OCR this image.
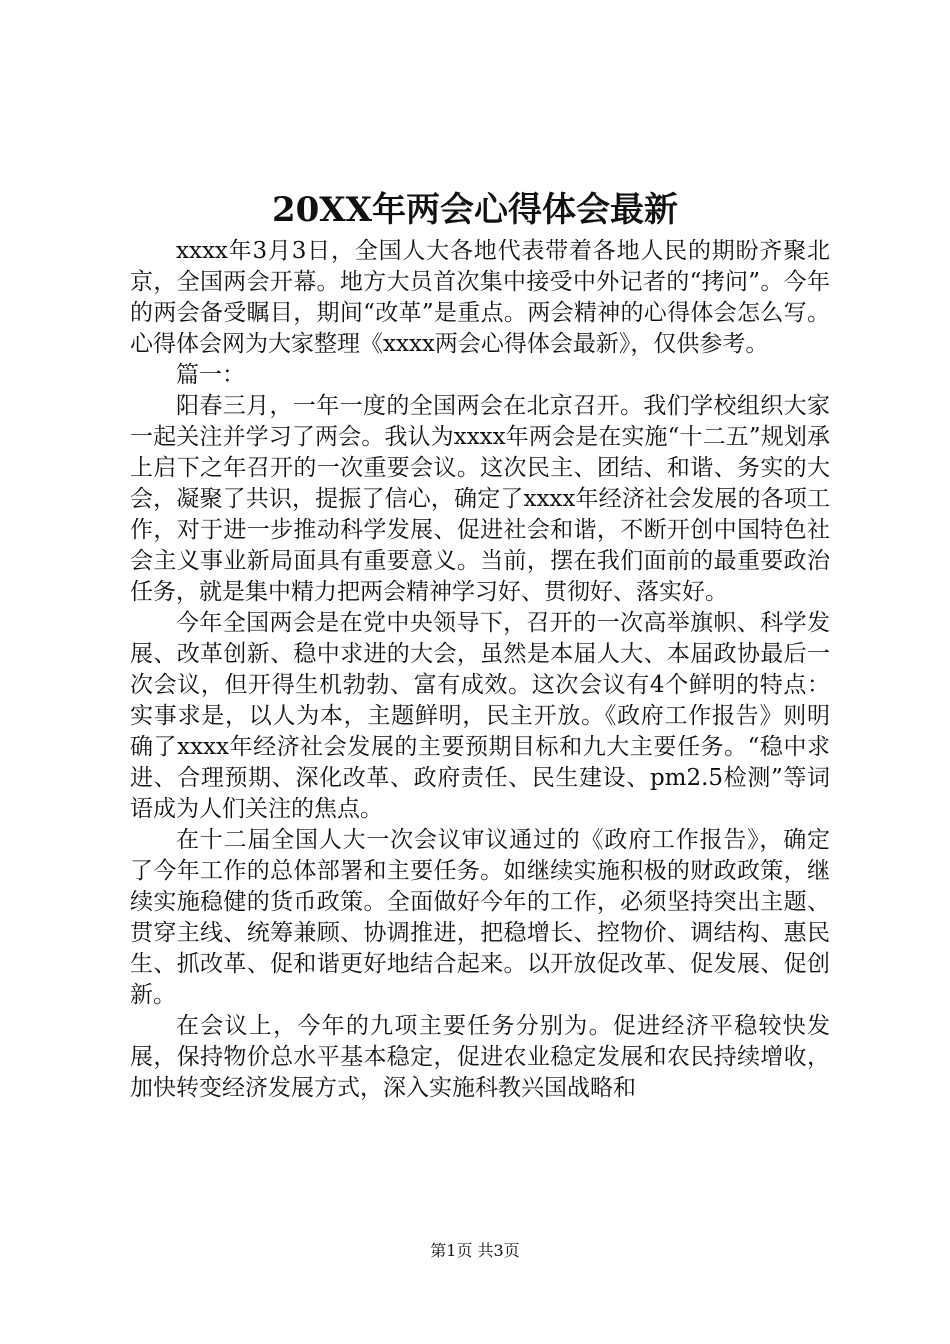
20XX年两会心得体会最新

xxxx年3月3日，全国人大各地代表带着各地人民的期盼齐聚北京，全国两会开幕。地方大员首次集中接受中外记者的“拷问”。今年的两会备受瞩目，期间“改革”是重点。两会精神的心得体会怎么写。心得体会网为大家整理《xxxx两会心得体会最新》，仅供参考。

篇一：

阳春三月，一年一度的全国两会在北京召开。我们学校组织大家一起关注并学习了两会。我认为xxxx年两会是在实施“十二五”规划承上启下之年召开的一次重要会议。这次民主、团结、和谐、务实的大会，凝聚了共识，提振了信心，确定了xxxx年经济社会发展的各项工作，对于进一步推动科学发展、促进社会和谐，不断开创中国特色社会主义事业新局面具有重要意义。当前，摆在我们面前的最重要政治任务，就是集中精力把两会精神学习好、贯彻好、落实好。

今年全国两会是在党中央领导下，召开的一次高举旗帜、科学发展、改革创新、稳中求进的大会，虽然是本届人大、本届政协最后一次会议，但开得生机勃勃、富有成效。这次会议有4个鲜明的特点：实事求是，以人为本，主题鲜明，民主开放。《政府工作报告》则明确了xxxx年经济社会发展的主要预期目标和九大主要任务。“稳中求进、合理预期、深化改革、政府责任、民生建设、pm2.5检测”等词语成为人们关注的焦点。

在十二届全国人大一次会议审议通过的《政府工作报告》，确定了今年工作的总体部署和主要任务。如继续实施积极的财政政策，继续实施稳健的货币政策。全面做好今年的工作，必须坚持突出主题、贯穿主线、统筹兼顾、协调推进，把稳增长、控物价、调结构、惠民生、抓改革、促和谐更好地结合起来。以开放促改革、促发展、促创新。

在会议上，今年的九项主要任务分别为。促进经济平稳较快发展，保持物价总水平基本稳定，促进农业稳定发展和农民持续增收，加快转变经济发展方式，深入实施科教兴国战略和

第1页 共3页
